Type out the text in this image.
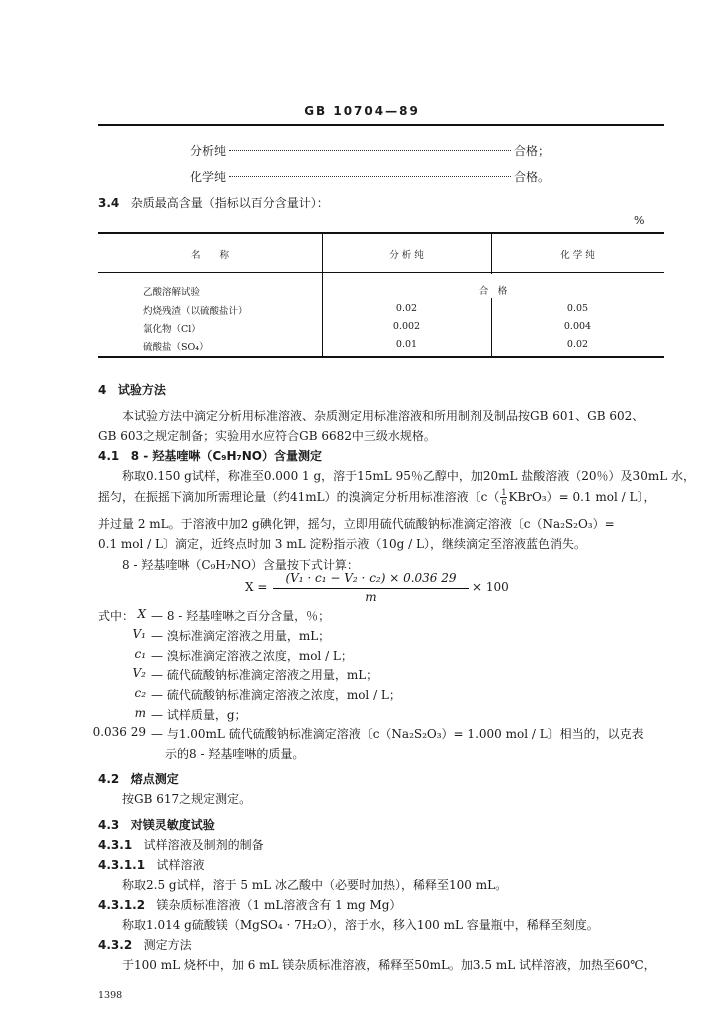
GB 10704—89
分析纯	合格；
化学纯	合格。
3.4 杂质最高含量（指标以百分含量计）：
%
名　　称	分 析 纯	化 学 纯
乙酸溶解试验	合　格
灼烧残渣（以硫酸盐计）	0.02	0.05
氯化物（Cl）	0.002	0.004
硫酸盐（SO₄）	0.01	0.02
4 试验方法
本试验方法中滴定分析用标准溶液、杂质测定用标准溶液和所用制剂及制品按GB 601、GB 602、
GB 603之规定制备；实验用水应符合GB 6682中三级水规格。
4.1 8 - 羟基喹啉（C₉H₇NO）含量测定
称取0.150 g试样，称准至0.000 1 g，溶于15mL 95％乙醇中，加20mL 盐酸溶液（20％）及30mL 水，
摇匀，在振摇下滴加所需理论量（约41mL）的溴滴定分析用标准溶液〔$c( \frac{1}{6}$ KBrO₃）= 0.1 mol / L〕，
并过量 2 mL。于溶液中加2 g碘化钾，摇匀，立即用硫代硫酸钠标准滴定溶液〔c（Na₂S₂O₃）=
0.1 mol / L〕滴定，近终点时加 3 mL 淀粉指示液（10g / L），继续滴定至溶液蓝色消失。
8 - 羟基喹啉（C₉H₇NO）含量按下式计算：
X =
(V₁ · c₁ − V₂ · c₂) × 0.036 29
m
× 100
式中： X — 8 - 羟基喹啉之百分含量，％；
V₁ — 溴标准滴定溶液之用量，mL；
c₁ — 溴标准滴定溶液之浓度，mol / L；
V₂ — 硫代硫酸钠标准滴定溶液之用量，mL；
c₂ — 硫代硫酸钠标准滴定溶液之浓度，mol / L；
m — 试样质量，g；
0.036 29 — 与1.00mL 硫代硫酸钠标准滴定溶液〔c（Na₂S₂O₃）= 1.000 mol / L〕相当的，以克表
示的8 - 羟基喹啉的质量。
4.2 熔点测定
按GB 617之规定测定。
4.3 对镁灵敏度试验
4.3.1 试样溶液及制剂的制备
4.3.1.1 试样溶液
称取2.5 g试样，溶于 5 mL 冰乙酸中（必要时加热），稀释至100 mL。
4.3.1.2 镁杂质标准溶液（1 mL溶液含有 1 mg Mg）
称取1.014 g硫酸镁（MgSO₄ · 7H₂O），溶于水，移入100 mL 容量瓶中，稀释至刻度。
4.3.2 测定方法
于100 mL 烧杯中，加 6 mL 镁杂质标准溶液，稀释至50mL。加3.5 mL 试样溶液，加热至60℃，
1398
